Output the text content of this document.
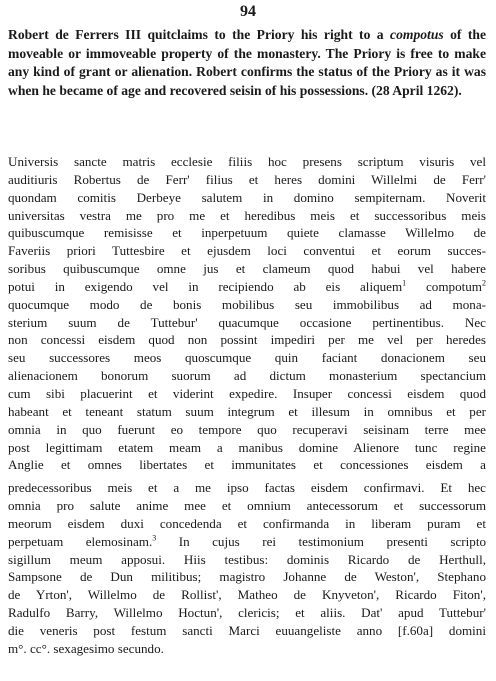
94
Robert de Ferrers III quitclaims to the Priory his right to a compotus of the moveable or immoveable property of the monastery. The Priory is free to make any kind of grant or alienation. Robert confirms the status of the Priory as it was when he became of age and recovered seisin of his possessions. (28 April 1262).
Universis sancte matris ecclesie filiis hoc presens scriptum visuris vel
auditiuris Robertus de Ferr' filius et heres domini Willelmi de Ferr'
quondam comitis Derbeye salutem in domino sempiternam. Noverit
universitas vestra me pro me et heredibus meis et successoribus meis
quibuscumque remisisse et inperpetuum quiete clamasse Willelmo de
Faveriis priori Tuttesbire et ejusdem loci conventui et eorum succes-
soribus quibuscumque omne jus et clameum quod habui vel habere
potui in exigendo vel in recipiendo ab eis aliquem$^1$ compotum$^2$
quocumque modo de bonis mobilibus seu immobilibus ad mona-
sterium suum de Tuttebur' quacumque occasione pertinentibus. Nec
non concessi eisdem quod non possint impediri per me vel per heredes
seu successores meos quoscumque quin faciant donacionem seu
alienacionem bonorum suorum ad dictum monasterium spectancium
cum sibi placuerint et viderint expedire. Insuper concessi eisdem quod
habeant et teneant statum suum integrum et illesum in omnibus et per
omnia in quo fuerunt eo tempore quo recuperavi seisinam terre mee
post legittimam etatem meam a manibus domine Alienore tunc regine
Anglie et omnes libertates et immunitates et concessiones eisdem a
predecessoribus meis et a me ipso factas eisdem confirmavi. Et hec
omnia pro salute anime mee et omnium antecessorum et successorum
meorum eisdem duxi concedenda et confirmanda in liberam puram et
perpetuam elemosinam.$^3$ In cujus rei testimonium presenti scripto
sigillum meum apposui. Hiis testibus: dominis Ricardo de Herthull,
Sampsone de Dun militibus; magistro Johanne de Weston', Stephano
de Yrton', Willelmo de Rollist', Matheo de Knyveton', Ricardo Fiton',
Radulfo Barry, Willelmo Hoctun', clericis; et aliis. Dat' apud Tuttebur'
die veneris post festum sancti Marci euuangeliste anno [f.60a] domini
m°. cc°. sexagesimo secundo.
